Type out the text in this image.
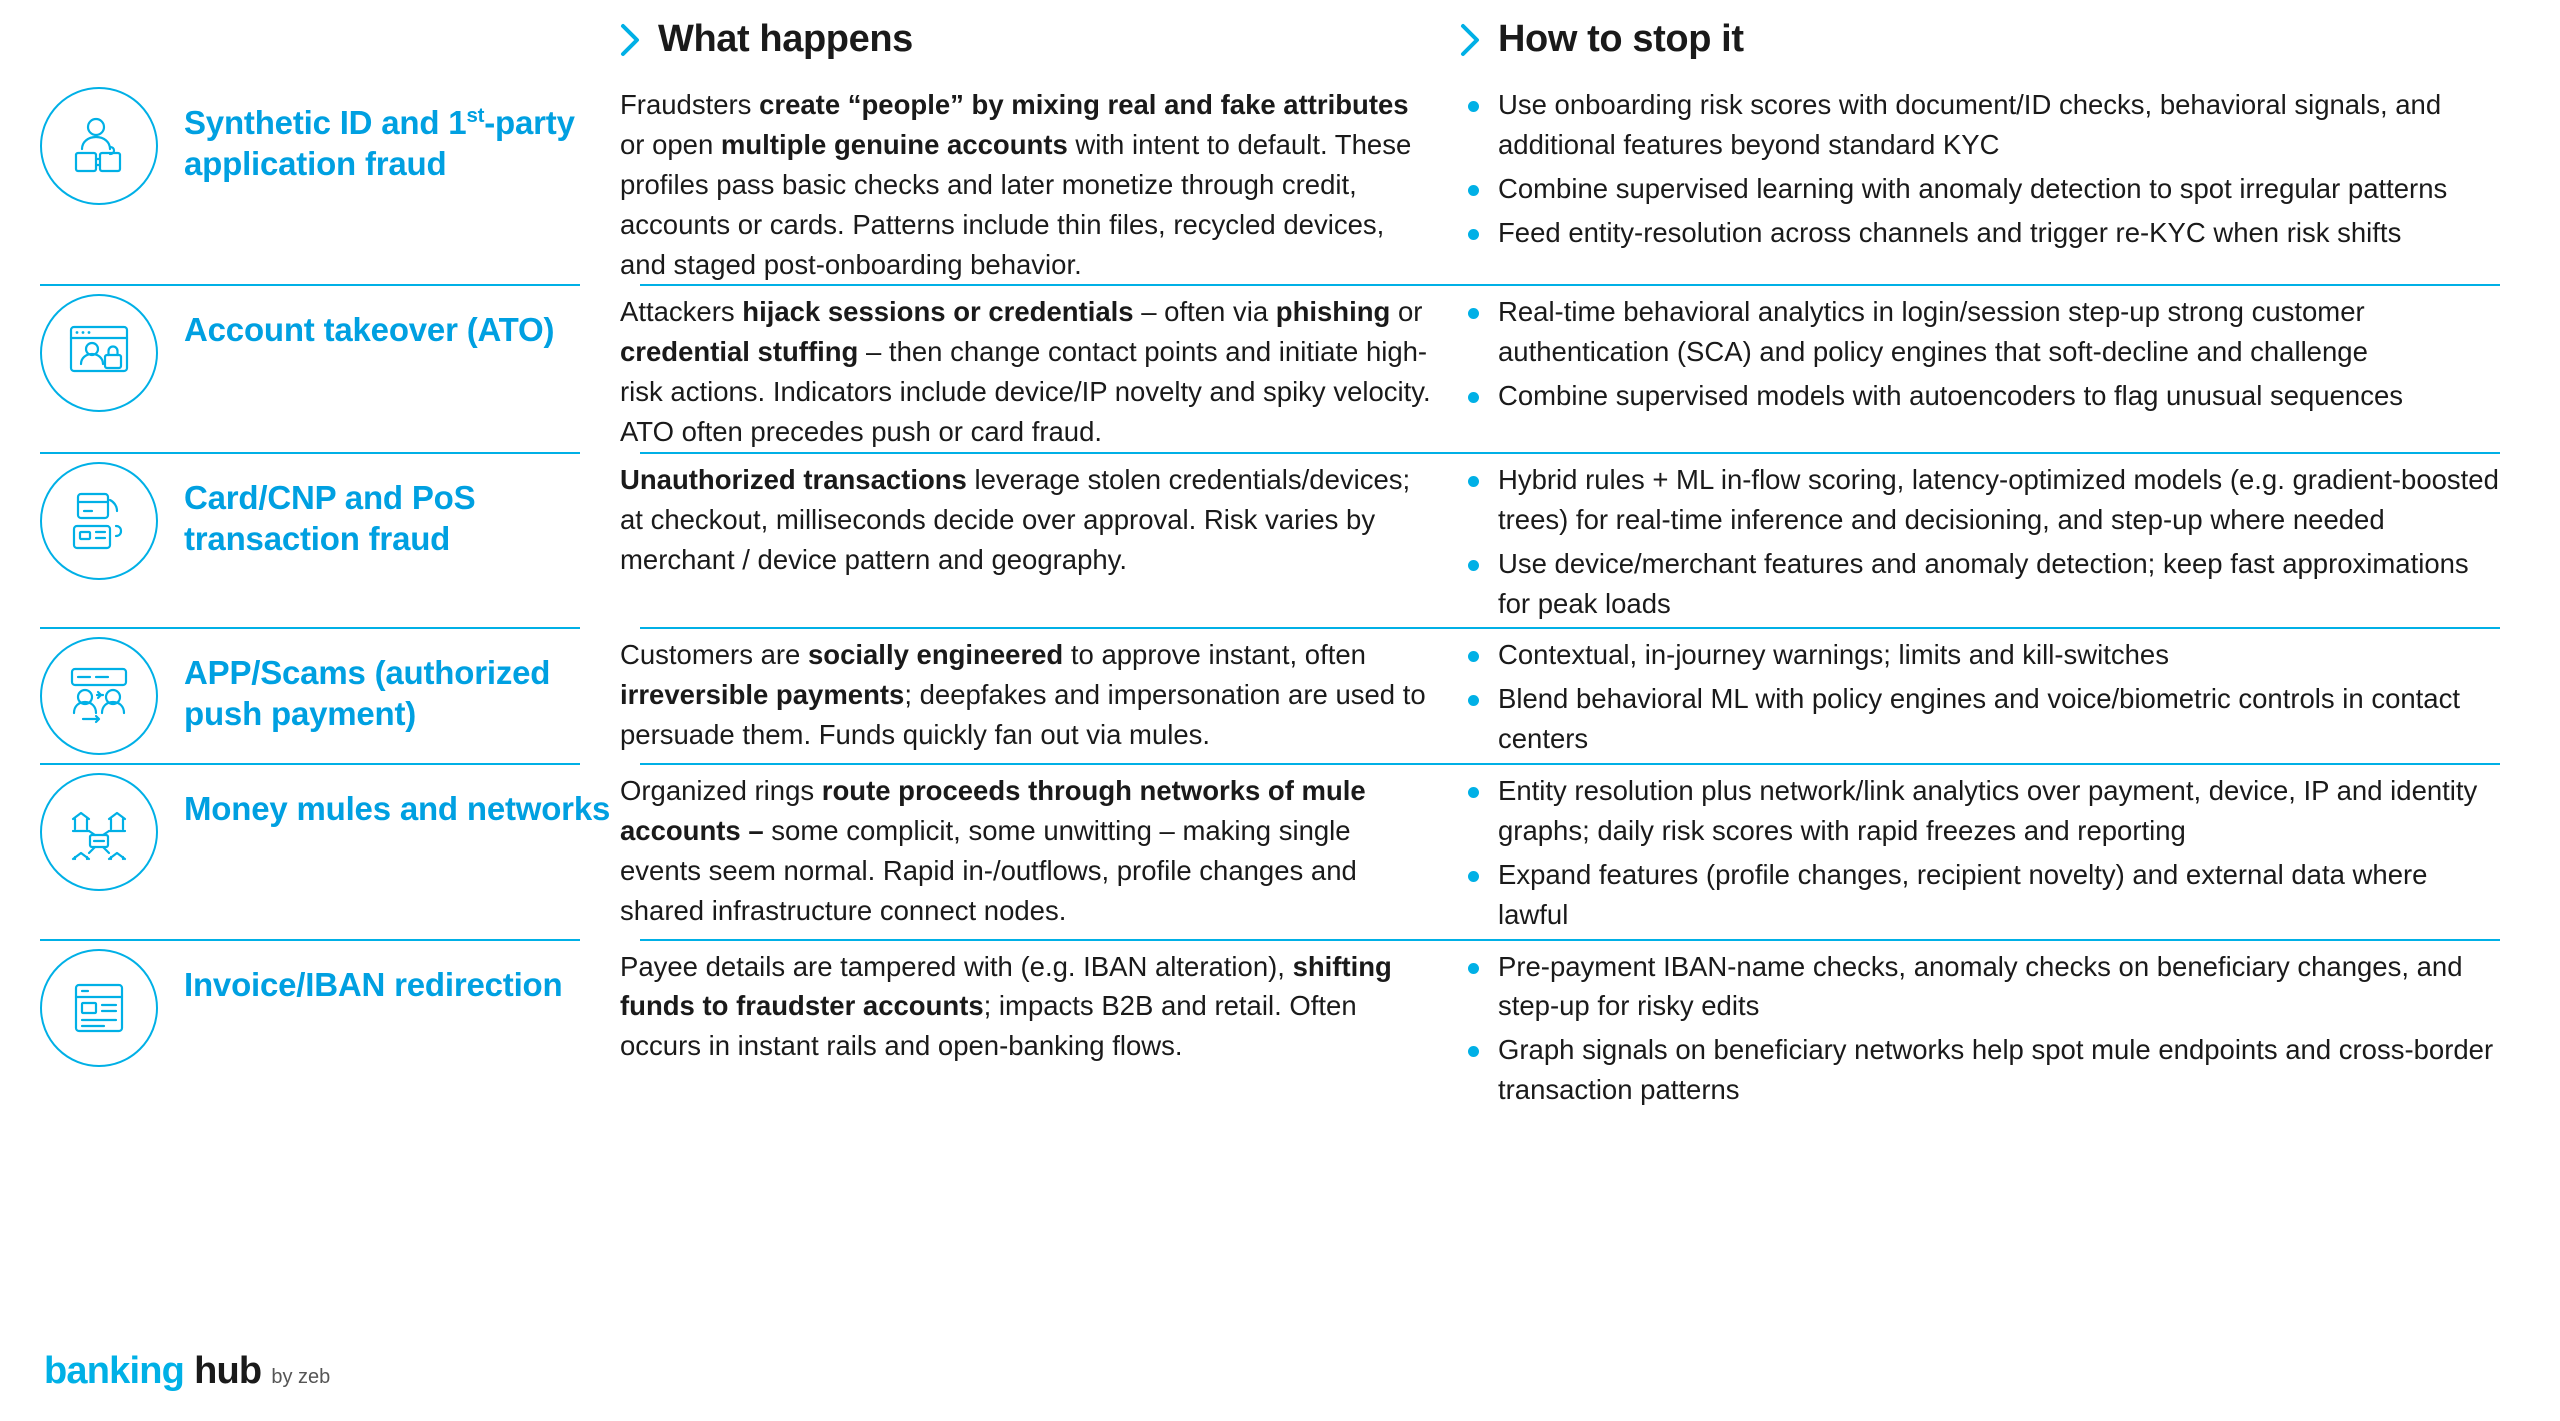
What happens	How to stop it
Synthetic ID and 1st-party application fraud
Fraudsters create “people” by mixing real and fake attributes or open multiple genuine accounts with intent to default. These profiles pass basic checks and later monetize through credit, accounts or cards. Patterns include thin files, recycled devices, and staged post-onboarding behavior.
Use onboarding risk scores with document/ID checks, behavioral signals, and additional features beyond standard KYC
Combine supervised learning with anomaly detection to spot irregular patterns
Feed entity-resolution across channels and trigger re-KYC when risk shifts
Account takeover (ATO) Attackers hijack sessions or credentials – often via phishing or credential stuffing – then change contact points and initiate high-risk actions. Indicators include device/IP novelty and spiky velocity. ATO often precedes push or card fraud.
Real-time behavioral analytics in login/session step-up strong customer authentication (SCA) and policy engines that soft-decline and challenge
Combine supervised models with autoencoders to flag unusual sequences
Card/CNP and PoS transaction fraud
Unauthorized transactions leverage stolen credentials/devices; at checkout, milliseconds decide over approval. Risk varies by merchant / device pattern and geography.
Hybrid rules + ML in-flow scoring, latency-optimized models (e.g. gradient-boosted trees) for real-time inference and decisioning, and step-up where needed
Use device/merchant features and anomaly detection; keep fast approximations for peak loads
APP/Scams (authorized push payment)
Customers are socially engineered to approve instant, often irreversible payments; deepfakes and impersonation are used to persuade them. Funds quickly fan out via mules.
Contextual, in-journey warnings; limits and kill-switches
Blend behavioral ML with policy engines and voice/biometric controls in contact centers
Money mules and networks Organized rings route proceeds through networks of mule accounts – some complicit, some unwitting – making single events seem normal. Rapid in-/outflows, profile changes and shared infrastructure connect nodes.
Entity resolution plus network/link analytics over payment, device, IP and identity graphs; daily risk scores with rapid freezes and reporting
Expand features (profile changes, recipient novelty) and external data where lawful
Invoice/IBAN redirection Payee details are tampered with (e.g. IBAN alteration), shifting funds to fraudster accounts; impacts B2B and retail. Often occurs in instant rails and open-banking flows.
Pre-payment IBAN-name checks, anomaly checks on beneficiary changes, and step-up for risky edits
Graph signals on beneficiary networks help spot mule endpoints and cross-border transaction patterns
banking hub by zeb
